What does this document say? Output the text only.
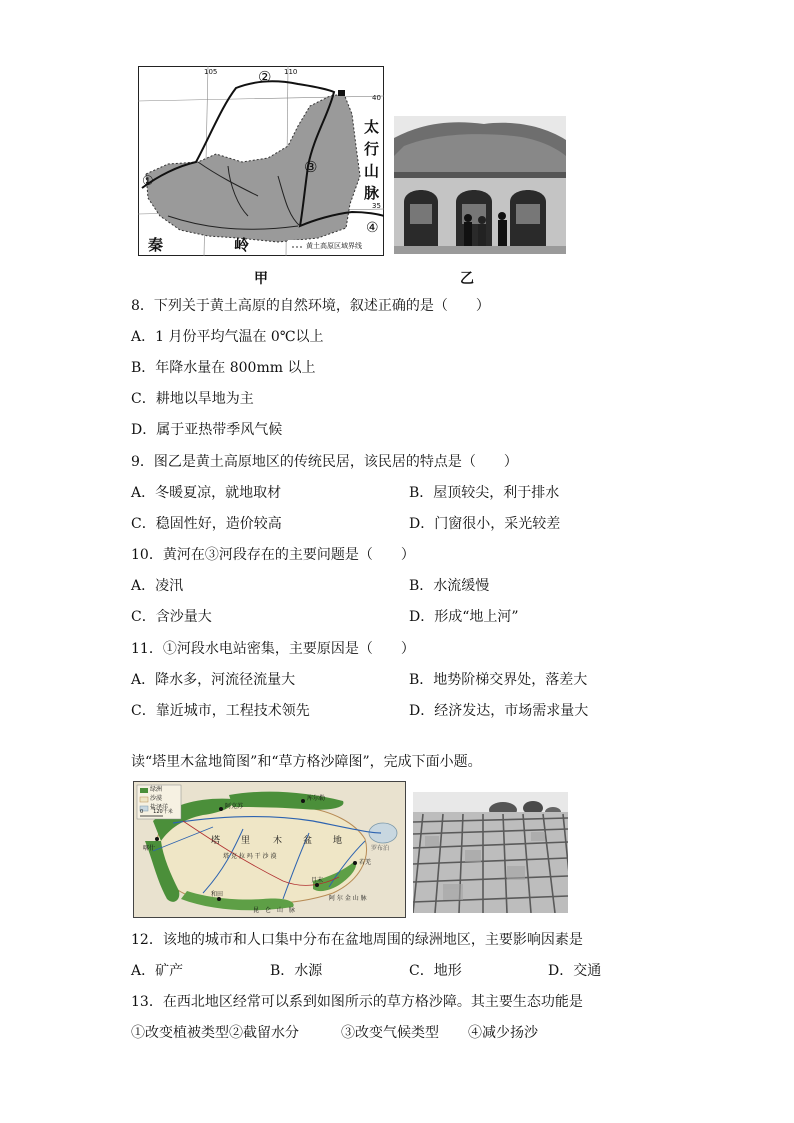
105	110
40
35
①
②
③
④
太
行
山
脉
秦	岭	黄土高原区域界线
甲	乙
8．下列关于黄土高原的自然环境，叙述正确的是（　　）
A．1 月份平均气温在 0℃以上
B．年降水量在 800mm 以上
C．耕地以旱地为主
D．属于亚热带季风气候
9．图乙是黄土高原地区的传统民居，该民居的特点是（　　）
A．冬暖夏凉，就地取材	B．屋顶较尖，利于排水
C．稳固性好，造价较高	D．门窗很小，采光较差
10．黄河在③河段存在的主要问题是（　　）
A．凌汛	B．水流缓慢
C．含沙量大	D．形成“地上河”
11．①河段水电站密集，主要原因是（　　）
A．降水多，河流径流量大	B．地势阶梯交界处，落差大
C．靠近城市，工程技术领先	D．经济发达，市场需求量大
读“塔里木盆地简图”和“草方格沙障图”，完成下面小题。
绿洲
沙漠
盐泽洋
0　　120千米
塔 里	木 盆 地
塔 克 拉 玛 干 沙 漠
昆　仑　山　脉
阿 尔 金 山 脉
喀什
阿克苏
库尔勒
和田
且末
若羌
罗布泊
12．该地的城市和人口集中分布在盆地周围的绿洲地区，主要影响因素是
A．矿产	B．水源	C．地形	D．交通
13．在西北地区经常可以系到如图所示的草方格沙障。其主要生态功能是
①改变植被类型 ②截留水分	③改变气候类型 ④减少扬沙
